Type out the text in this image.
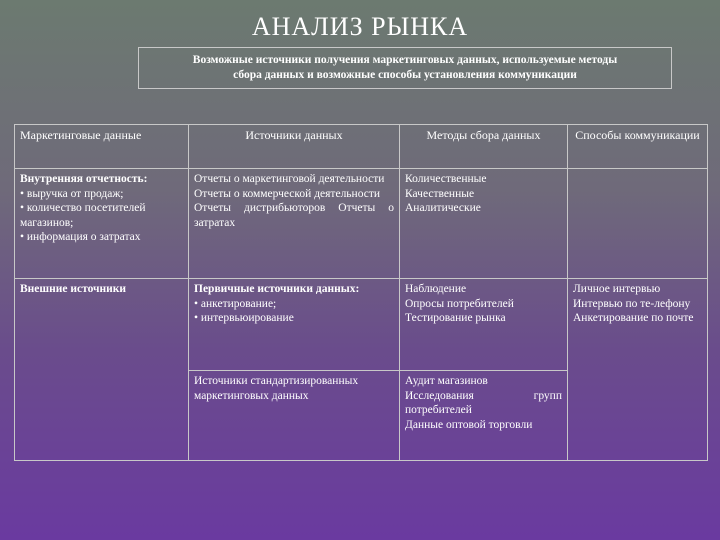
АНАЛИЗ РЫНКА
Возможные источники получения маркетинговых данных, используемые методы
сбора данных и возможные способы установления коммуникации
Маркетинговые данные	Источники данных	Методы сбора данных	Способы коммуникации

Внутренняя отчетность:
• выручка от продаж;
• количество посетителей магазинов;
• информация о затратах	Отчеты о маркетинговой деятельности
Отчеты о коммерческой деятельности
Отчеты дистрибьюторов Отчеты о затратах	Количественные
Качественные
Аналитические	

Внешние источники	Первичные источники данных:
• анкетирование;
• интервьюирование	Наблюдение
Опросы потребителей
Тестирование рынка	Личное интервью
Интервью по те-лефону
Анкетирование по почте

	Источники стандартизированных маркетинговых данных	Аудит магазинов
Исследования групп потребителей
Данные оптовой торговли	
